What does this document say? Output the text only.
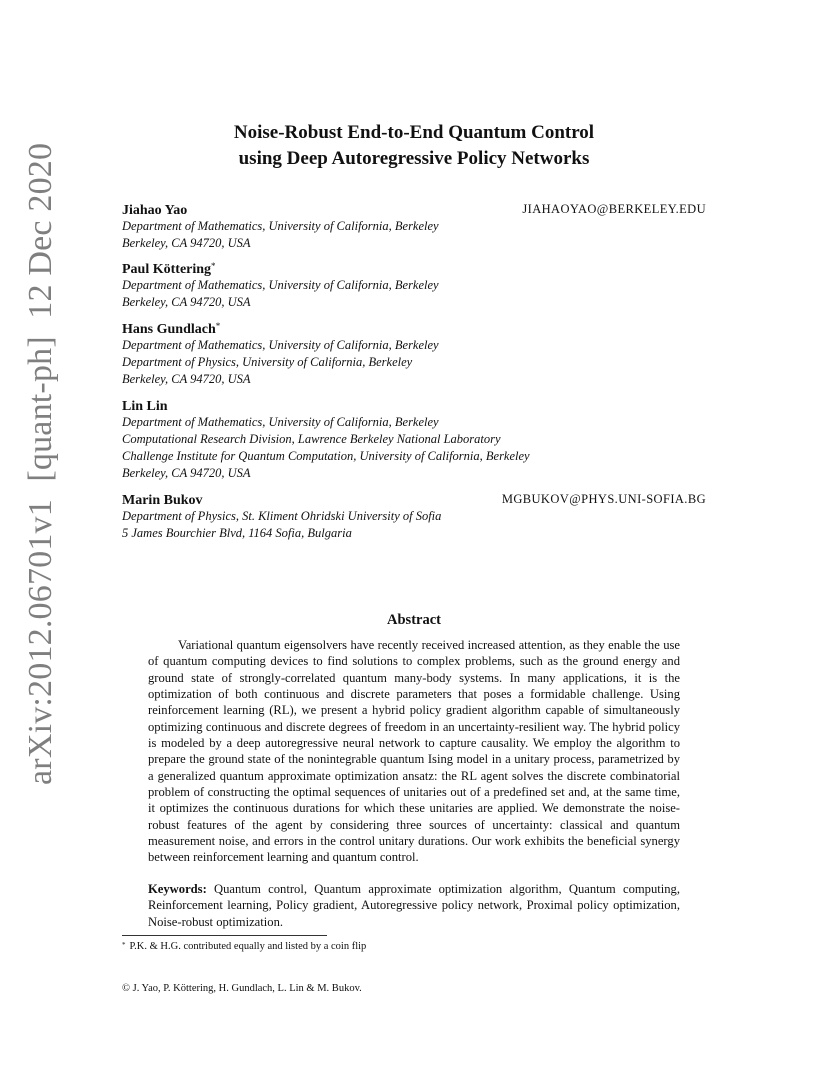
arXiv:2012.06701v1  [quant-ph]  12 Dec 2020
Noise-Robust End-to-End Quantum Control
using Deep Autoregressive Policy Networks
Jiahao Yao	JIAHAOYAO@BERKELEY.EDU
Department of Mathematics, University of California, Berkeley
Berkeley, CA 94720, USA
Paul Köttering*
Department of Mathematics, University of California, Berkeley
Berkeley, CA 94720, USA
Hans Gundlach*
Department of Mathematics, University of California, Berkeley
Department of Physics, University of California, Berkeley
Berkeley, CA 94720, USA
Lin Lin
Department of Mathematics, University of California, Berkeley
Computational Research Division, Lawrence Berkeley National Laboratory
Challenge Institute for Quantum Computation, University of California, Berkeley
Berkeley, CA 94720, USA
Marin Bukov	MGBUKOV@PHYS.UNI-SOFIA.BG
Department of Physics, St. Kliment Ohridski University of Sofia
5 James Bourchier Blvd, 1164 Sofia, Bulgaria
Abstract
Variational quantum eigensolvers have recently received increased attention, as they enable the use of quantum computing devices to find solutions to complex problems, such as the ground energy and ground state of strongly-correlated quantum many-body systems. In many applications, it is the optimization of both continuous and discrete parameters that poses a formidable challenge. Using reinforcement learning (RL), we present a hybrid policy gradient algorithm capable of simultaneously optimizing continuous and discrete degrees of freedom in an uncertainty-resilient way. The hybrid policy is modeled by a deep autoregressive neural network to capture causality. We employ the algorithm to prepare the ground state of the nonintegrable quantum Ising model in a unitary process, parametrized by a generalized quantum approximate optimization ansatz: the RL agent solves the discrete combinatorial problem of constructing the optimal sequences of unitaries out of a predefined set and, at the same time, it optimizes the continuous durations for which these unitaries are applied. We demonstrate the noise-robust features of the agent by considering three sources of uncertainty: classical and quantum measurement noise, and errors in the control unitary durations. Our work exhibits the beneficial synergy between reinforcement learning and quantum control.
Keywords: Quantum control, Quantum approximate optimization algorithm, Quantum computing, Reinforcement learning, Policy gradient, Autoregressive policy network, Proximal policy optimization, Noise-robust optimization.
* P.K. & H.G. contributed equally and listed by a coin flip
© J. Yao, P. Köttering, H. Gundlach, L. Lin & M. Bukov.
